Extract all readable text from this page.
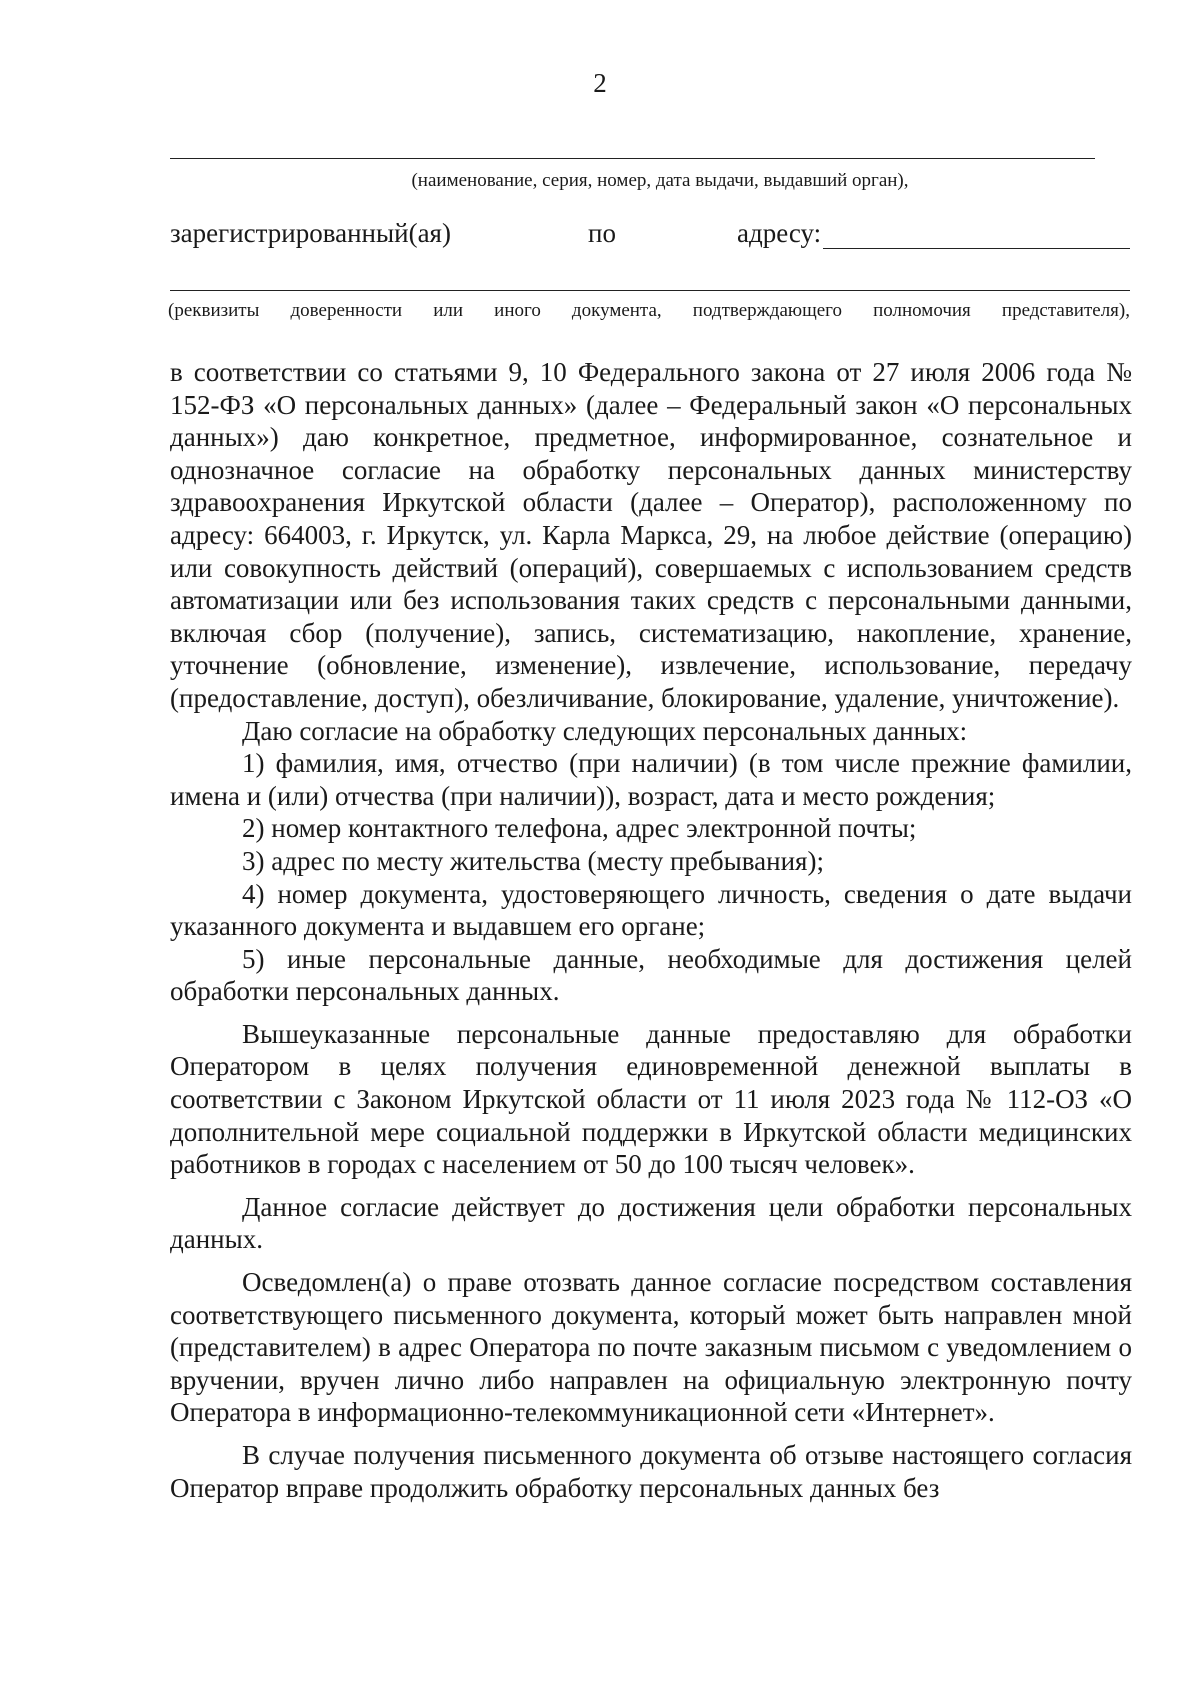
2
(наименование, серия, номер, дата выдачи, выдавший орган),
зарегистрированный(ая)	по	адресу:
(реквизиты доверенности или иного документа, подтверждающего полномочия представителя),

в соответствии со статьями 9, 10 Федерального закона от 27 июля 2006 года № 152-ФЗ «О персональных данных» (далее – Федеральный закон «О персональных данных») даю конкретное, предметное, информированное, сознательное и однозначное согласие на обработку персональных данных министерству здравоохранения Иркутской области (далее – Оператор), расположенному по адресу: 664003, г. Иркутск, ул. Карла Маркса, 29, на любое действие (операцию) или совокупность действий (операций), совершаемых с использованием средств автоматизации или без использования таких средств с персональными данными, включая сбор (получение), запись, систематизацию, накопление, хранение, уточнение (обновление, изменение), извлечение, использование, передачу (предоставление, доступ), обезличивание, блокирование, удаление, уничтожение).

Даю согласие на обработку следующих персональных данных:

1) фамилия, имя, отчество (при наличии) (в том числе прежние фамилии, имена и (или) отчества (при наличии)), возраст, дата и место рождения;

2) номер контактного телефона, адрес электронной почты;

3) адрес по месту жительства (месту пребывания);

4) номер документа, удостоверяющего личность, сведения о дате выдачи указанного документа и выдавшем его органе;

5) иные персональные данные, необходимые для достижения целей обработки персональных данных.

Вышеуказанные персональные данные предоставляю для обработки Оператором в целях получения единовременной денежной выплаты в соответствии с Законом Иркутской области от 11 июля 2023 года № 112-ОЗ «О дополнительной мере социальной поддержки в Иркутской области медицинских работников в городах с населением от 50 до 100 тысяч человек».

Данное согласие действует до достижения цели обработки персональных данных.

Осведомлен(а) о праве отозвать данное согласие посредством составления соответствующего письменного документа, который может быть направлен мной (представителем) в адрес Оператора по почте заказным письмом с уведомлением о вручении, вручен лично либо направлен на официальную электронную почту Оператора в информационно-телекоммуникационной сети «Интернет».

В случае получения письменного документа об отзыве настоящего согласия Оператор вправе продолжить обработку персональных данных без
